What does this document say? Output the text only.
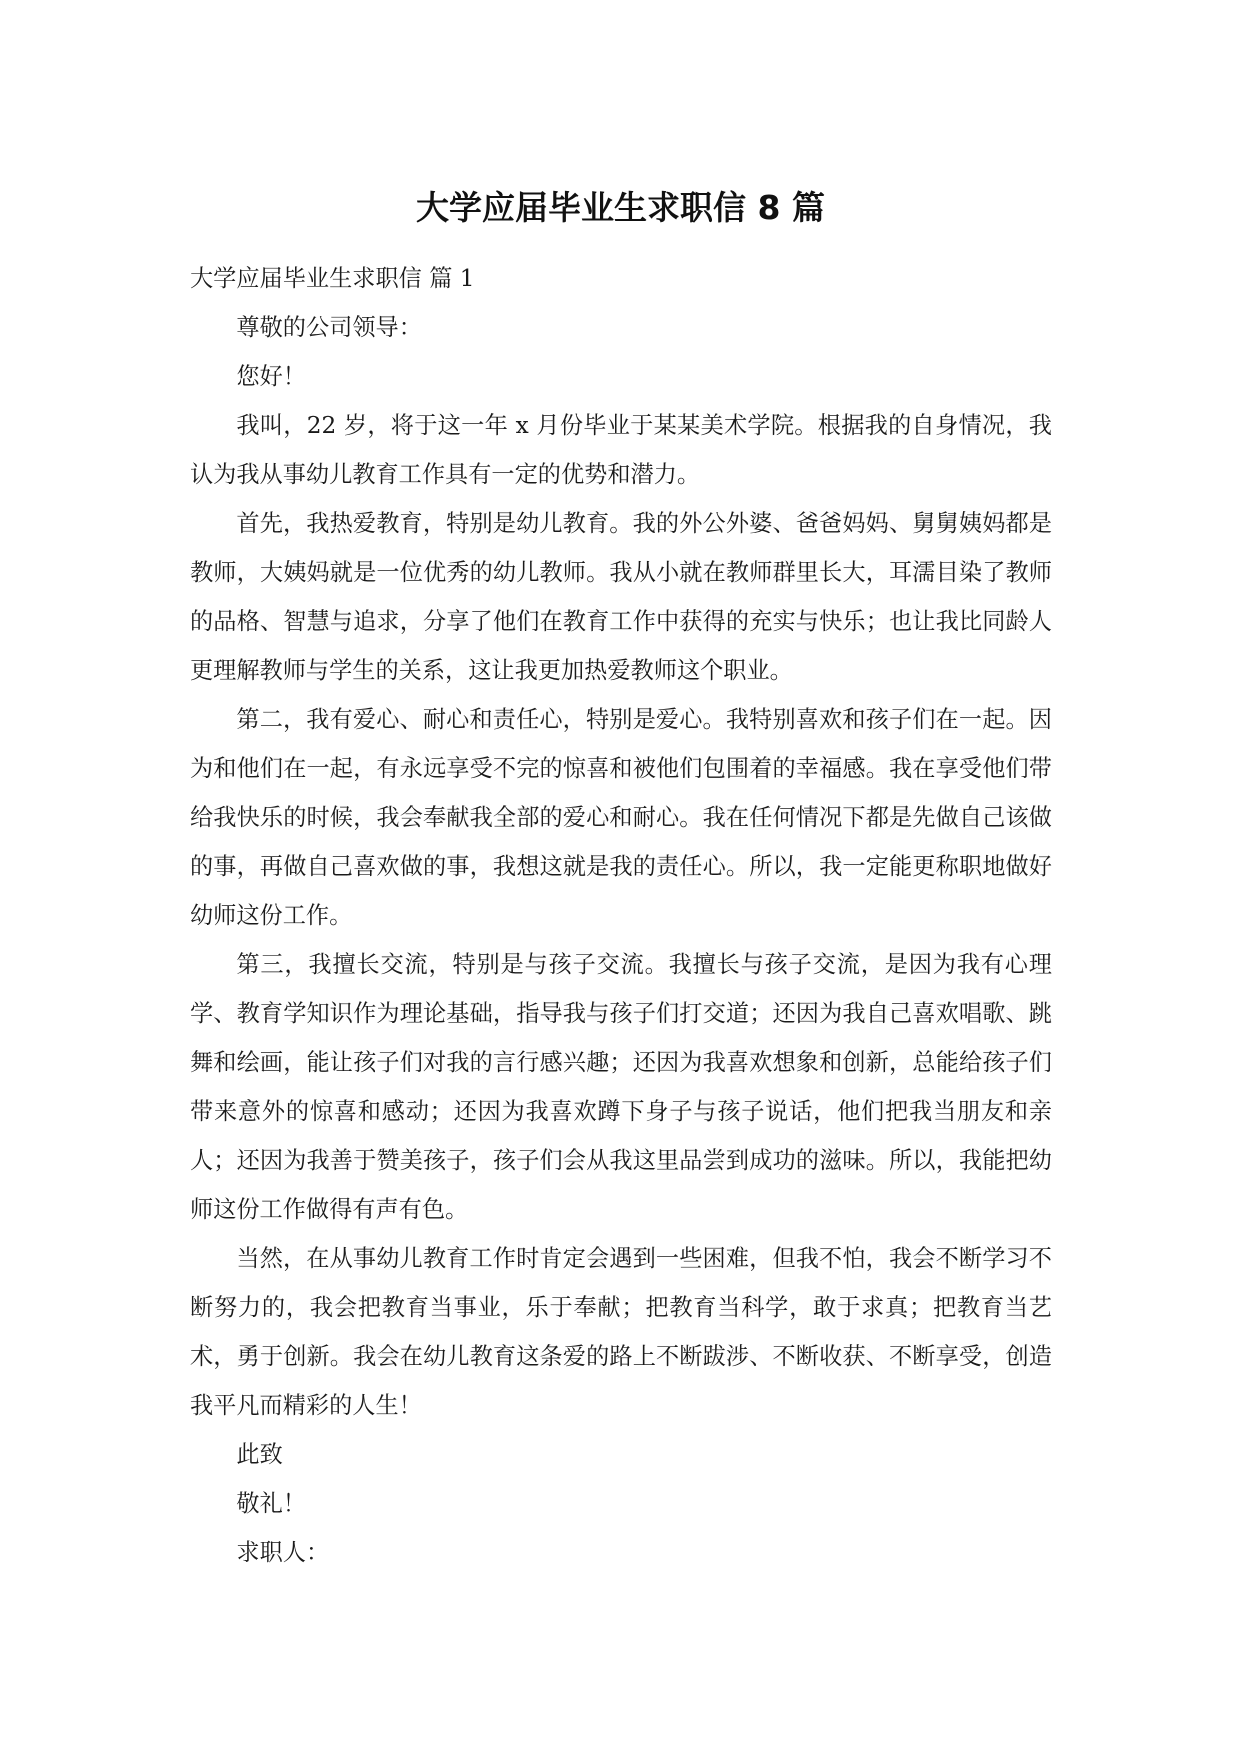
大学应届毕业生求职信 8 篇

大学应届毕业生求职信 篇 1

尊敬的公司领导：

您好！

我叫，22 岁，将于这一年 x 月份毕业于某某美术学院。根据我的自身情况，我认为我从事幼儿教育工作具有一定的优势和潜力。

首先，我热爱教育，特别是幼儿教育。我的外公外婆、爸爸妈妈、舅舅姨妈都是教师，大姨妈就是一位优秀的幼儿教师。我从小就在教师群里长大，耳濡目染了教师的品格、智慧与追求，分享了他们在教育工作中获得的充实与快乐；也让我比同龄人更理解教师与学生的关系，这让我更加热爱教师这个职业。

第二，我有爱心、耐心和责任心，特别是爱心。我特别喜欢和孩子们在一起。因为和他们在一起，有永远享受不完的惊喜和被他们包围着的幸福感。我在享受他们带给我快乐的时候，我会奉献我全部的爱心和耐心。我在任何情况下都是先做自己该做的事，再做自己喜欢做的事，我想这就是我的责任心。所以，我一定能更称职地做好幼师这份工作。

第三，我擅长交流，特别是与孩子交流。我擅长与孩子交流，是因为我有心理学、教育学知识作为理论基础，指导我与孩子们打交道；还因为我自己喜欢唱歌、跳舞和绘画，能让孩子们对我的言行感兴趣；还因为我喜欢想象和创新，总能给孩子们带来意外的惊喜和感动；还因为我喜欢蹲下身子与孩子说话，他们把我当朋友和亲人；还因为我善于赞美孩子，孩子们会从我这里品尝到成功的滋味。所以，我能把幼师这份工作做得有声有色。

当然，在从事幼儿教育工作时肯定会遇到一些困难，但我不怕，我会不断学习不断努力的，我会把教育当事业，乐于奉献；把教育当科学，敢于求真；把教育当艺术，勇于创新。我会在幼儿教育这条爱的路上不断跋涉、不断收获、不断享受，创造我平凡而精彩的人生！

此致

敬礼！

求职人：
